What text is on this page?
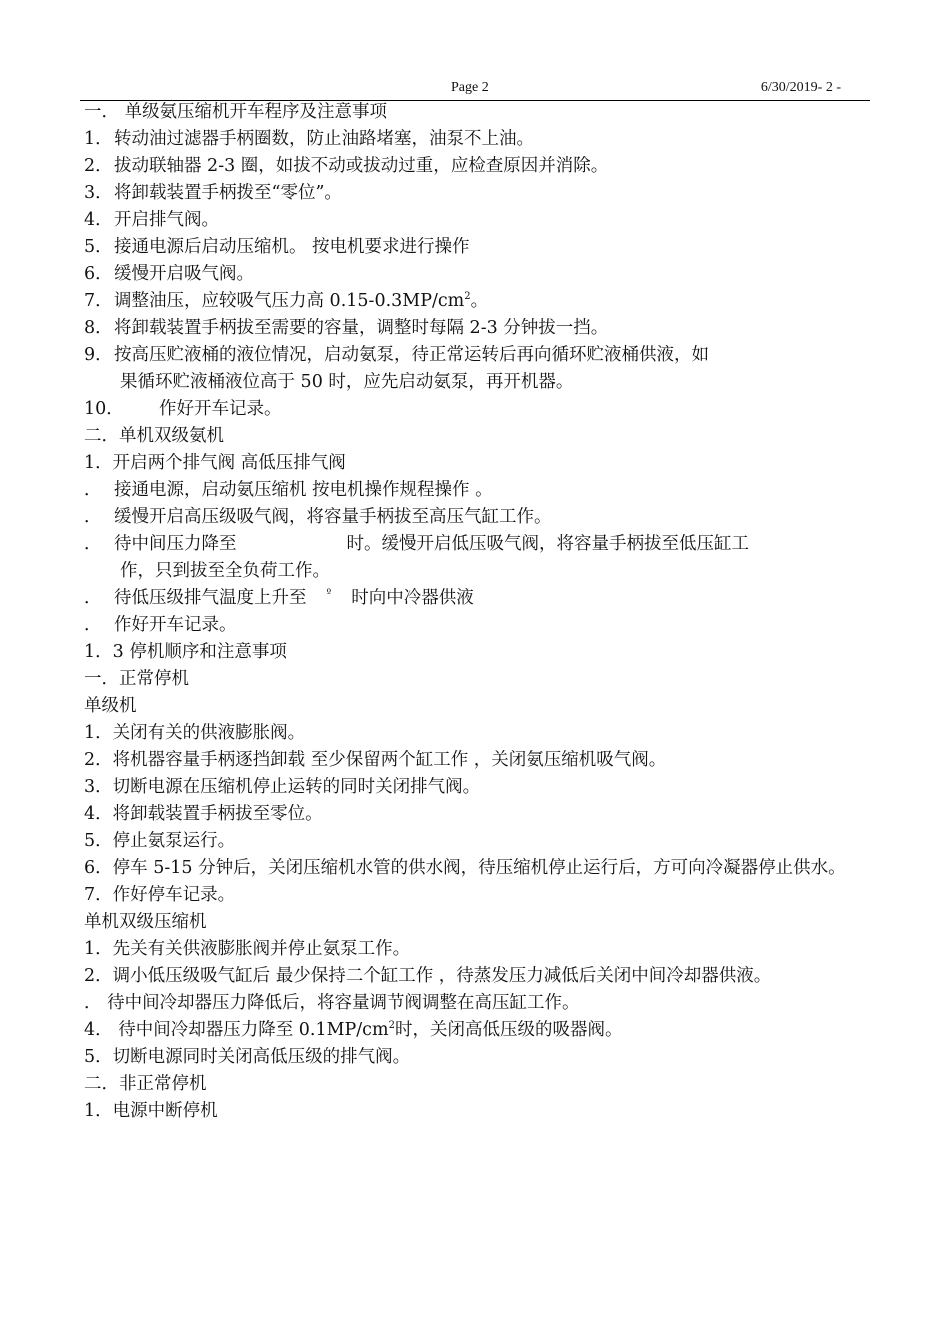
Page 2	6/30/2019- 2 -
一． 单级氨压缩机开车程序及注意事项
1．转动油过滤器手柄圈数，防止油路堵塞，油泵不上油。
2．拔动联轴器 2-3 圈，如拔不动或拔动过重，应检查原因并消除。
3．将卸载装置手柄拨至“零位”。
4．开启排气阀。
5．接通电源后启动压缩机。 按电机要求进行操作
6．缓慢开启吸气阀。
7．调整油压，应较吸气压力高 $0.15-0.3MP/cm^2$。
8．将卸载装置手柄拔至需要的容量，调整时每隔 2-3 分钟拔一挡。
9．按高压贮液桶的液位情况，启动氨泵，待正常运转后再向循环贮液桶供液，如
果循环贮液桶液位高于 50 时，应先启动氨泵，再开机器。
10． 作好开车记录。
二．单机双级氨机
1．开启两个排气阀 高低压排气阀
． 接通电源，启动氨压缩机 按电机操作规程操作 。
． 缓慢开启高压级吸气阀，将容量手柄拔至高压气缸工作。
． 待中间压力降至	时。缓慢开启低压吸气阀，将容量手柄拔至低压缸工
作，只到拔至全负荷工作。
． 待低压级排气温度上升至 $^º$ 时向中冷器供液
． 作好开车记录。
1．3 停机顺序和注意事项
一．正常停机
单级机
1．关闭有关的供液膨胀阀。
2．将机器容量手柄逐挡卸载 至少保留两个缸工作 ，关闭氨压缩机吸气阀。
3．切断电源在压缩机停止运转的同时关闭排气阀。
4．将卸载装置手柄拔至零位。
5．停止氨泵运行。
6．停车 5-15 分钟后，关闭压缩机水管的供水阀，待压缩机停止运行后，方可向冷凝器停止供水。
7．作好停车记录。
单机双级压缩机
1．先关有关供液膨胀阀并停止氨泵工作。
2．调小低压级吸气缸后 最少保持二个缸工作 ，待蒸发压力减低后关闭中间冷却器供液。
． 待中间冷却器压力降低后，将容量调节阀调整在高压缸工作。
4． 待中间冷却器压力降至 $0.1MP/cm^2$时，关闭高低压级的吸器阀。
5．切断电源同时关闭高低压级的排气阀。
二．非正常停机
1．电源中断停机
